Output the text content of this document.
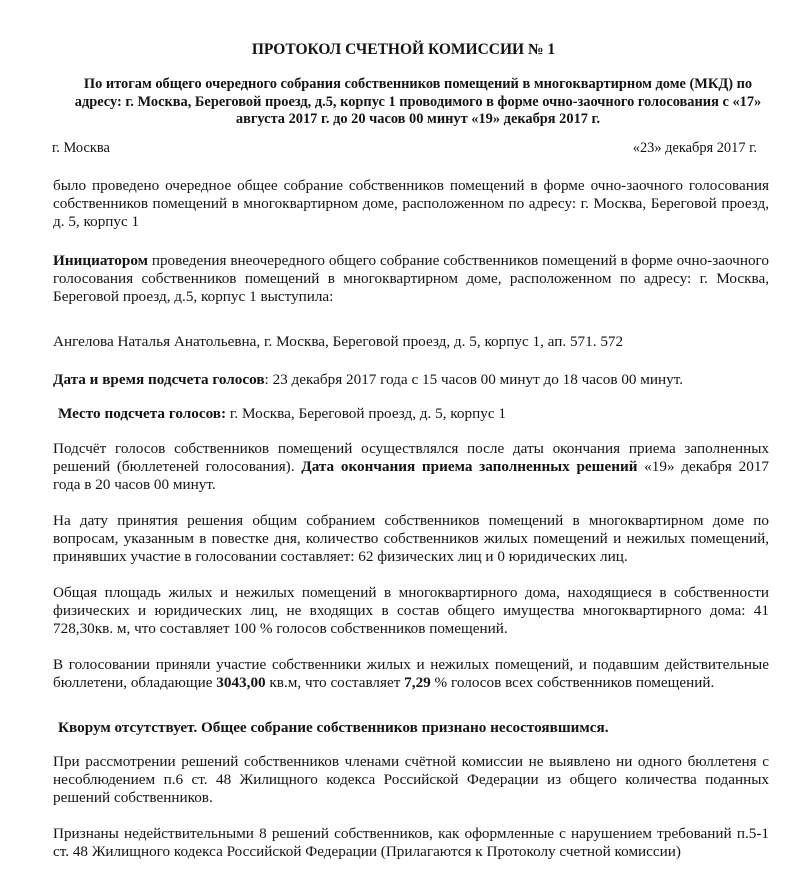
ПРОТОКОЛ СЧЕТНОЙ КОМИССИИ № 1

По итогам общего очередного собрания собственников помещений в многоквартирном доме (МКД) по адресу: г. Москва, Береговой проезд, д.5, корпус 1 проводимого в форме очно-заочного голосования с «17» августа 2017 г. до 20 часов 00 минут «19» декабря 2017 г.

г. Москва	«23» декабря 2017 г.

было проведено очередное общее собрание собственников помещений в форме очно-заочного голосования собственников помещений в многоквартирном доме, расположенном по адресу: г. Москва, Береговой проезд, д. 5, корпус 1

Инициатором проведения внеочередного общего собрание собственников помещений в форме очно-заочного голосования собственников помещений в многоквартирном доме, расположенном по адресу: г. Москва, Береговой проезд, д.5, корпус 1 выступила:

Ангелова Наталья Анатольевна, г. Москва, Береговой проезд, д. 5, корпус 1, ап. 571. 572

Дата и время подсчета голосов: 23 декабря 2017 года с 15 часов 00 минут до 18 часов 00 минут.

Место подсчета голосов: г. Москва, Береговой проезд, д. 5, корпус 1

Подсчёт голосов собственников помещений осуществлялся после даты окончания приема заполненных решений (бюллетеней голосования). Дата окончания приема заполненных решений «19» декабря 2017 года в 20 часов 00 минут.

На дату принятия решения общим собранием собственников помещений в многоквартирном доме по вопросам, указанным в повестке дня, количество собственников жилых помещений и нежилых помещений, принявших участие в голосовании составляет: 62 физических лиц и 0 юридических лиц.

Общая площадь жилых и нежилых помещений в многоквартирного дома, находящиеся в собственности физических и юридических лиц, не входящих в состав общего имущества многоквартирного дома: 41 728,30кв. м, что составляет 100 % голосов собственников помещений.

В голосовании приняли участие собственники жилых и нежилых помещений, и подавшим действительные бюллетени, обладающие 3043,00 кв.м, что составляет 7,29 % голосов всех собственников помещений.

Кворум отсутствует. Общее собрание собственников признано несостоявшимся.

При рассмотрении решений собственников членами счётной комиссии не выявлено ни одного бюллетеня с несоблюдением п.6 ст. 48 Жилищного кодекса Российской Федерации из общего количества поданных решений собственников.

Признаны недействительными 8 решений собственников, как оформленные с нарушением требований п.5-1 ст. 48 Жилищного кодекса Российской Федерации (Прилагаются к Протоколу счетной комиссии)
